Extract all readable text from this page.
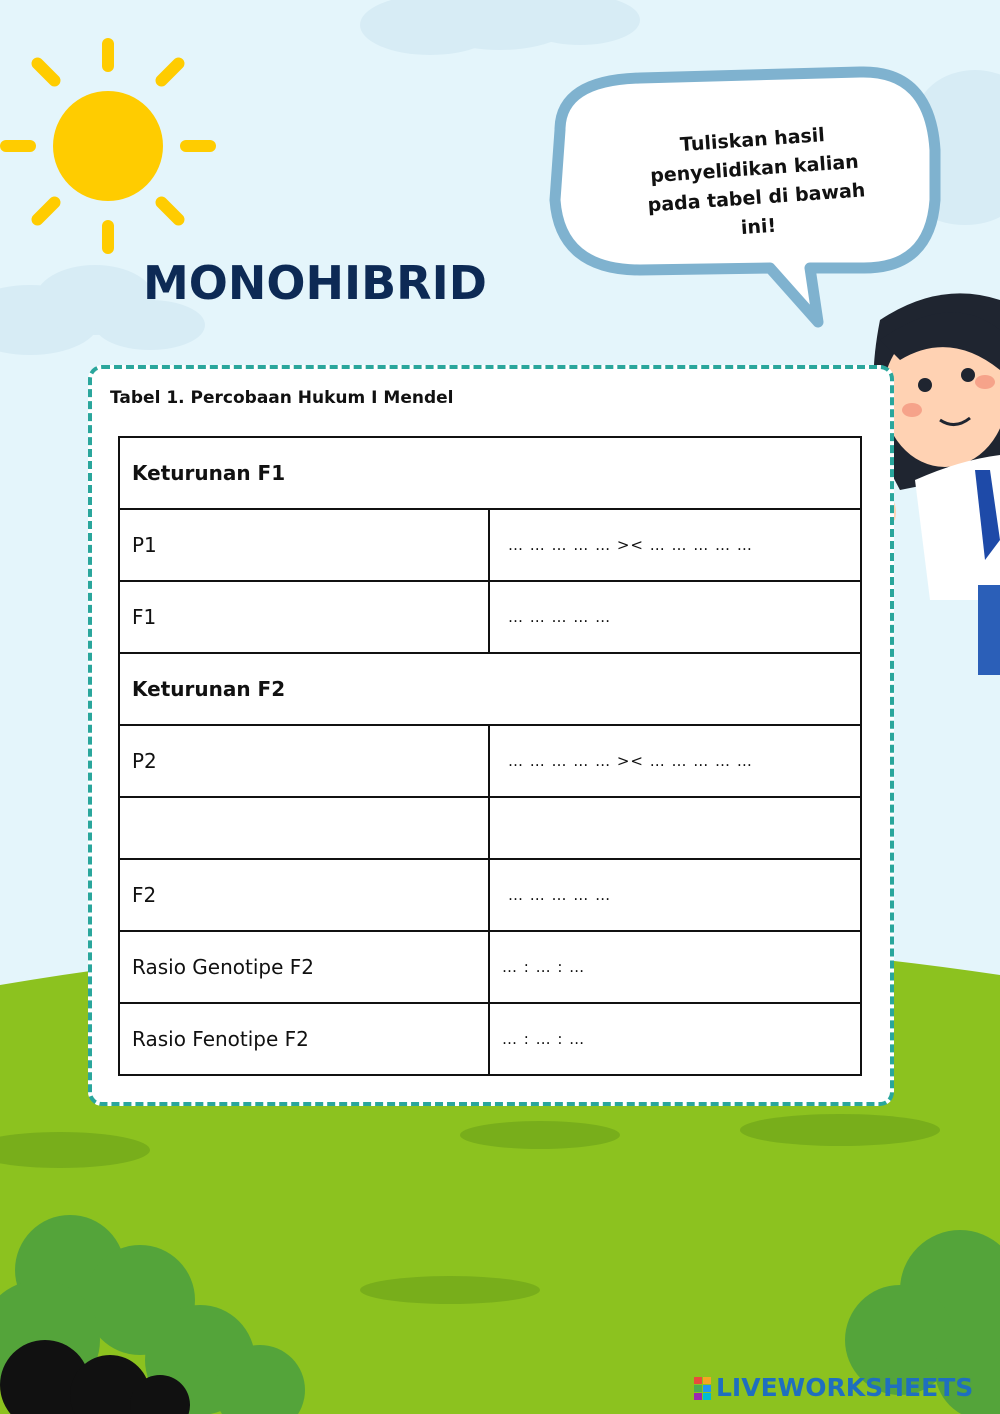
MONOHIBRID
Tuliskan hasil penyelidikan kalian pada tabel di bawah ini!
Tabel 1. Percobaan Hukum I Mendel
Keturunan F1	
P1	… … … … … >< … … … … …
F1	… … … … …
Keturunan F2	
P2	… … … … … >< … … … … …

F2	… … … … …
Rasio Genotipe F2	… : … : …
Rasio Fenotipe F2	… : … : …
LIVEWORKSHEETS
